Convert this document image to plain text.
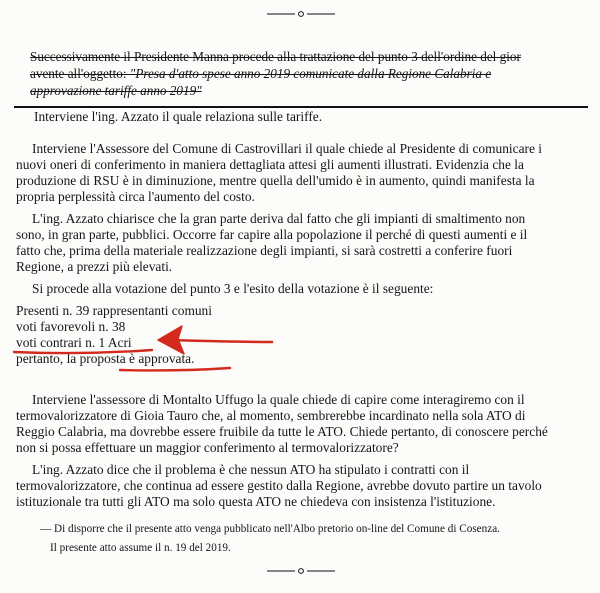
Successivamente il Presidente Manna procede alla trattazione del punto 3 dell'ordine del gior
avente all'oggetto: "Presa d'atto spese anno 2019 comunicate dalla Regione Calabria e
approvazione tariffe anno 2019"
Interviene l'ing. Azzato il quale relaziona sulle tariffe.
Interviene l'Assessore del Comune di Castrovillari il quale chiede al Presidente di comunicare i
nuovi oneri di conferimento in maniera dettagliata attesi gli aumenti illustrati. Evidenzia che la
produzione di RSU è in diminuzione, mentre quella dell'umido è in aumento, quindi manifesta la
propria perplessità circa l'aumento del costo.
L'ing. Azzato chiarisce che la gran parte deriva dal fatto che gli impianti di smaltimento non
sono, in gran parte, pubblici. Occorre far capire alla popolazione il perché di questi aumenti e il
fatto che, prima della materiale realizzazione degli impianti, si sarà costretti a conferire fuori
Regione, a prezzi più elevati.
Si procede alla votazione del punto 3 e l'esito della votazione è il seguente:
Presenti n. 39 rappresentanti comuni
voti favorevoli n. 38
voti contrari n. 1 Acri
pertanto, la proposta è approvata.
Interviene l'assessore di Montalto Uffugo la quale chiede di capire come interagiremo con il
termovalorizzatore di Gioia Tauro che, al momento, sembrerebbe incardinato nella sola ATO di
Reggio Calabria, ma dovrebbe essere fruibile da tutte le ATO. Chiede pertanto, di conoscere perché
non si possa effettuare un maggior conferimento al termovalorizzatore?
L'ing. Azzato dice che il problema è che nessun ATO ha stipulato i contratti con il
termovalorizzatore, che continua ad essere gestito dalla Regione, avrebbe dovuto partire un tavolo
istituzionale tra tutti gli ATO ma solo questa ATO ne chiedeva con insistenza l'istituzione.
— Di disporre che il presente atto venga pubblicato nell'Albo pretorio on-line del Comune di Cosenza.
Il presente atto assume il n. 19 del 2019.
